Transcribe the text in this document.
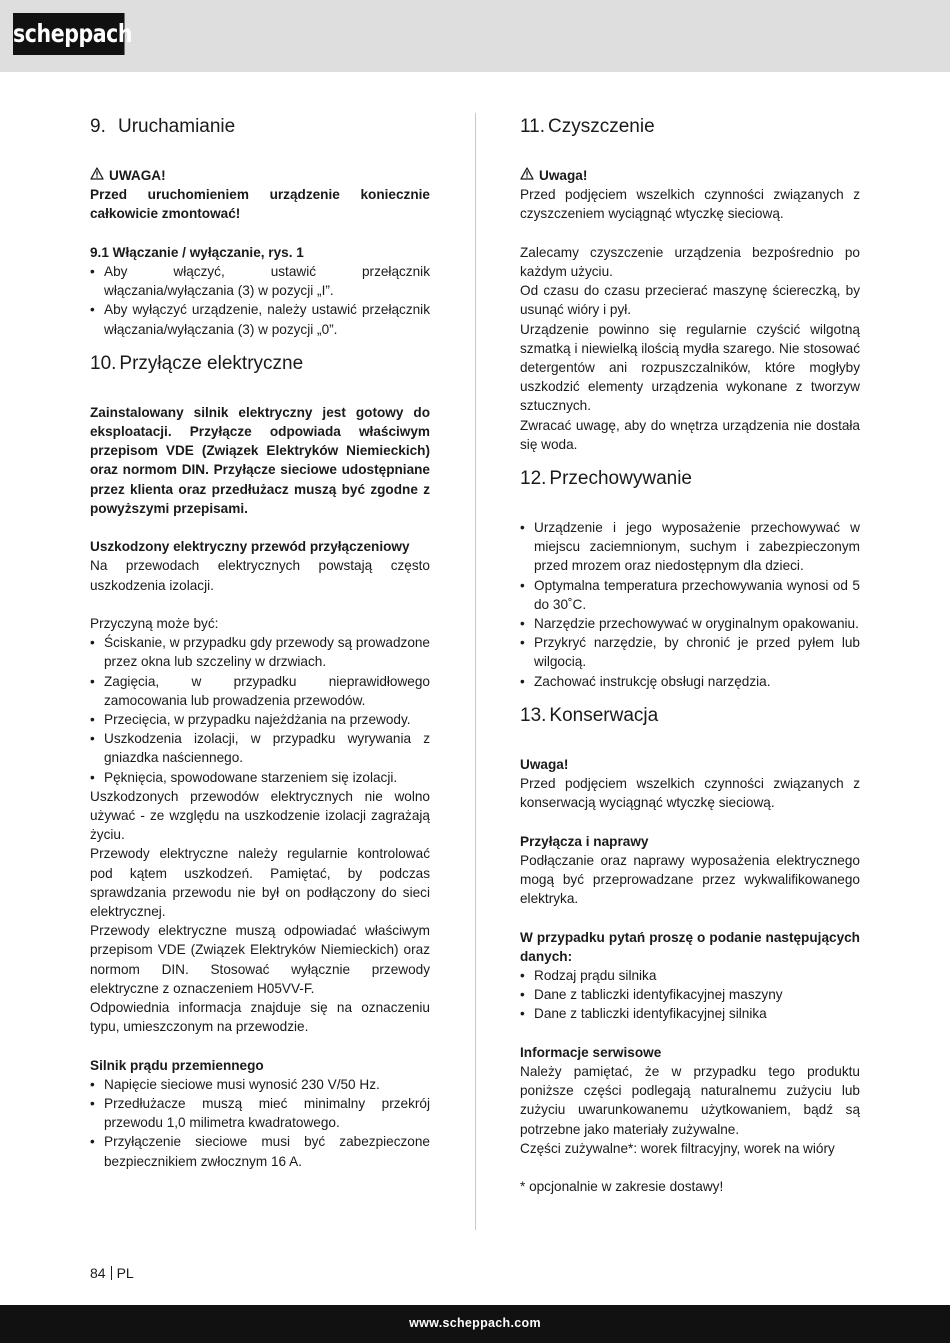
scheppach
9. Uruchamianie
UWAGA!

Przed uruchomieniem urządzenie koniecznie całkowicie zmontować!

9.1 Włączanie / wyłączanie, rys. 1

• Aby włączyć, ustawić przełącznik włączania/wyłączania (3) w pozycji „I”.
• Aby wyłączyć urządzenie, należy ustawić przełącznik włączania/wyłączania (3) w pozycji „0”.
10. Przyłącze elektryczne

Zainstalowany silnik elektryczny jest gotowy do eksploatacji. Przyłącze odpowiada właściwym przepisom VDE (Związek Elektryków Niemieckich) oraz normom DIN. Przyłącze sieciowe udostępniane przez klienta oraz przedłużacz muszą być zgodne z powyższymi przepisami.

Uszkodzony elektryczny przewód przyłączeniowy

Na przewodach elektrycznych powstają często uszkodzenia izolacji.

Przyczyną może być:

• Ściskanie, w przypadku gdy przewody są prowadzone przez okna lub szczeliny w drzwiach.
• Zagięcia, w przypadku nieprawidłowego zamocowania lub prowadzenia przewodów.
• Przecięcia, w przypadku najeżdżania na przewody.
• Uszkodzenia izolacji, w przypadku wyrywania z gniazdka naściennego.
• Pęknięcia, spowodowane starzeniem się izolacji.

Uszkodzonych przewodów elektrycznych nie wolno używać - ze względu na uszkodzenie izolacji zagrażają życiu.

Przewody elektryczne należy regularnie kontrolować pod kątem uszkodzeń. Pamiętać, by podczas sprawdzania przewodu nie był on podłączony do sieci elektrycznej.

Przewody elektryczne muszą odpowiadać właściwym przepisom VDE (Związek Elektryków Niemieckich) oraz normom DIN. Stosować wyłącznie przewody elektryczne z oznaczeniem H05VV-F.

Odpowiednia informacja znajduje się na oznaczeniu typu, umieszczonym na przewodzie.

Silnik prądu przemiennego

• Napięcie sieciowe musi wynosić 230 V/50 Hz.
• Przedłużacze muszą mieć minimalny przekrój przewodu 1,0 milimetra kwadratowego.
• Przyłączenie sieciowe musi być zabezpieczone bezpiecznikiem zwłocznym 16 A.
11. Czyszczenie
Uwaga!

Przed podjęciem wszelkich czynności związanych z czyszczeniem wyciągnąć wtyczkę sieciową.

Zalecamy czyszczenie urządzenia bezpośrednio po każdym użyciu.

Od czasu do czasu przecierać maszynę ściereczką, by usunąć wióry i pył.

Urządzenie powinno się regularnie czyścić wilgotną szmatką i niewielką ilością mydła szarego. Nie stosować detergentów ani rozpuszczalników, które mogłyby uszkodzić elementy urządzenia wykonane z tworzyw sztucznych.

Zwracać uwagę, aby do wnętrza urządzenia nie dostała się woda.

12. Przechowywanie
• Urządzenie i jego wyposażenie przechowywać w miejscu zaciemnionym, suchym i zabezpieczonym przed mrozem oraz niedostępnym dla dzieci.
• Optymalna temperatura przechowywania wynosi od 5 do 30˚C.
• Narzędzie przechowywać w oryginalnym opakowaniu.
• Przykryć narzędzie, by chronić je przed pyłem lub wilgocią.
• Zachować instrukcję obsługi narzędzia.
13. Konserwacja

Uwaga!

Przed podjęciem wszelkich czynności związanych z konserwacją wyciągnąć wtyczkę sieciową.

Przyłącza i naprawy

Podłączanie oraz naprawy wyposażenia elektrycznego mogą być przeprowadzane przez wykwalifikowanego elektryka.

W przypadku pytań proszę o podanie następujących danych:

• Rodzaj prądu silnika
• Dane z tabliczki identyfikacyjnej maszyny
• Dane z tabliczki identyfikacyjnej silnika

Informacje serwisowe

Należy pamiętać, że w przypadku tego produktu poniższe części podlegają naturalnemu zużyciu lub zużyciu uwarunkowanemu użytkowaniem, bądź są potrzebne jako materiały zużywalne.

Części zużywalne*: worek filtracyjny, worek na wióry

* opcjonalnie w zakresie dostawy!

84 PL
www.scheppach.com
